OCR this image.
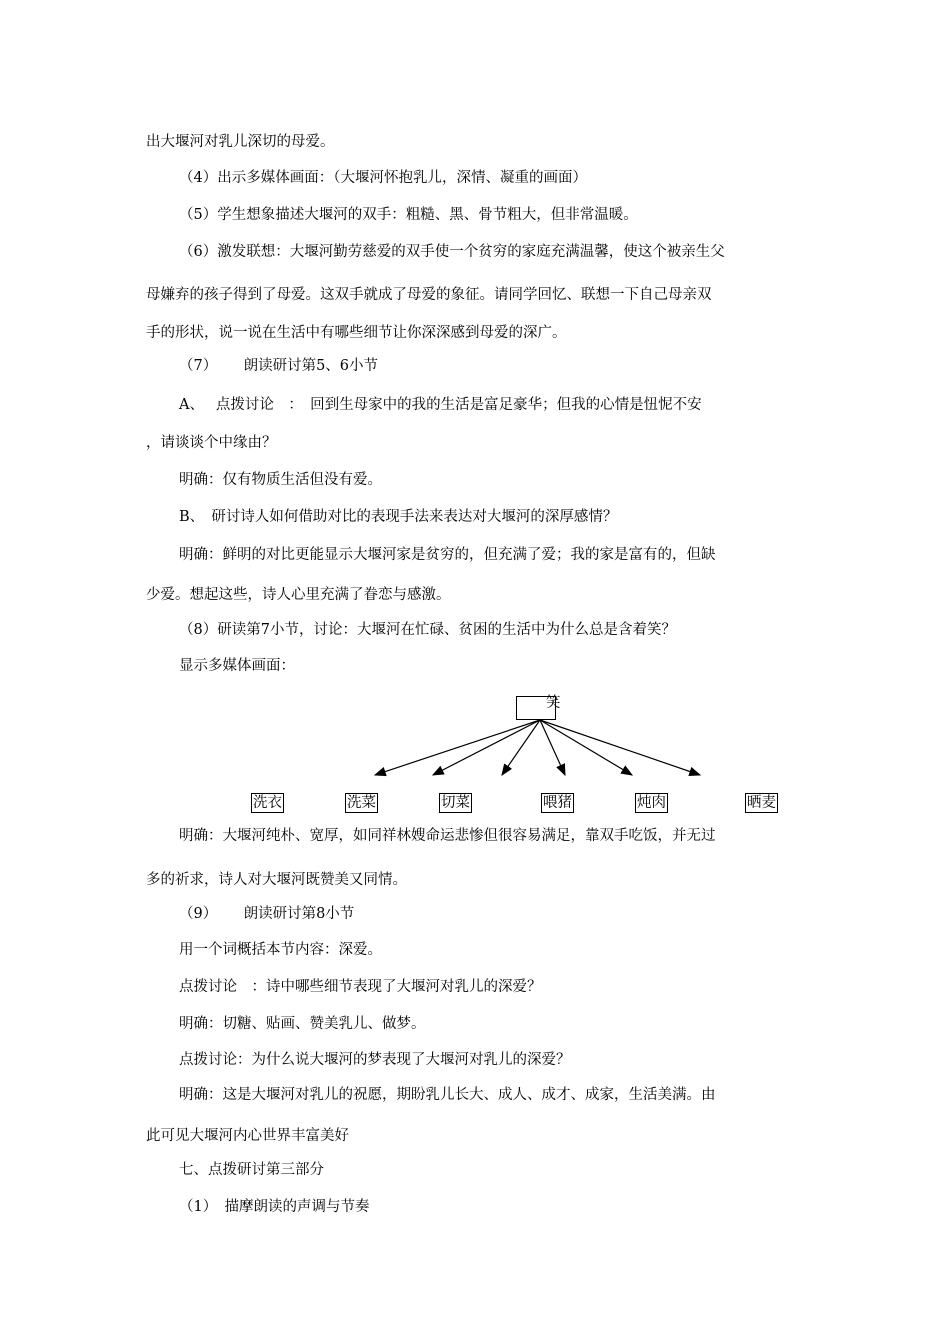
出大堰河对乳儿深切的母爱。
（4）出示多媒体画面：（大堰河怀抱乳儿，深情、凝重的画面）
（5）学生想象描述大堰河的双手：粗糙、黑、骨节粗大，但非常温暖。
（6）激发联想：大堰河勤劳慈爱的双手使一个贫穷的家庭充满温馨，使这个被亲生父
母嫌弃的孩子得到了母爱。这双手就成了母爱的象征。请同学回忆、联想一下自己母亲双
手的形状，说一说在生活中有哪些细节让你深深感到母爱的深广。
（7）　　 朗读研讨第5、6小节
A、　 点拨讨论　：　回到生母家中的我的生活是富足豪华；但我的心情是忸怩不安
，请谈谈个中缘由？
明确：仅有物质生活但没有爱。
B、　研讨诗人如何借助对比的表现手法来表达对大堰河的深厚感情？
明确：鲜明的对比更能显示大堰河家是贫穷的，但充满了爱；我的家是富有的，但缺
少爱。想起这些，诗人心里充满了眷恋与感激。
（8）研读第7小节，讨论：大堰河在忙碌、贫困的生活中为什么总是含着笑？
显示多媒体画面：
笑
洗衣	洗菜	切菜	喂猪	炖肉	晒麦
明确：大堰河纯朴、宽厚，如同祥林嫂命运悲惨但很容易满足，靠双手吃饭，并无过
多的祈求，诗人对大堰河既赞美又同情。
（9）　　 朗读研讨第8小节
用一个词概括本节内容：深爱。
点拨讨论　：诗中哪些细节表现了大堰河对乳儿的深爱？
明确：切糖、贴画、赞美乳儿、做梦。
点拨讨论：为什么说大堰河的梦表现了大堰河对乳儿的深爱？
明确：这是大堰河对乳儿的祝愿，期盼乳儿长大、成人、成才、成家，生活美满。由
此可见大堰河内心世界丰富美好
七、点拨研讨第三部分
（1）　描摩朗读的声调与节奏
